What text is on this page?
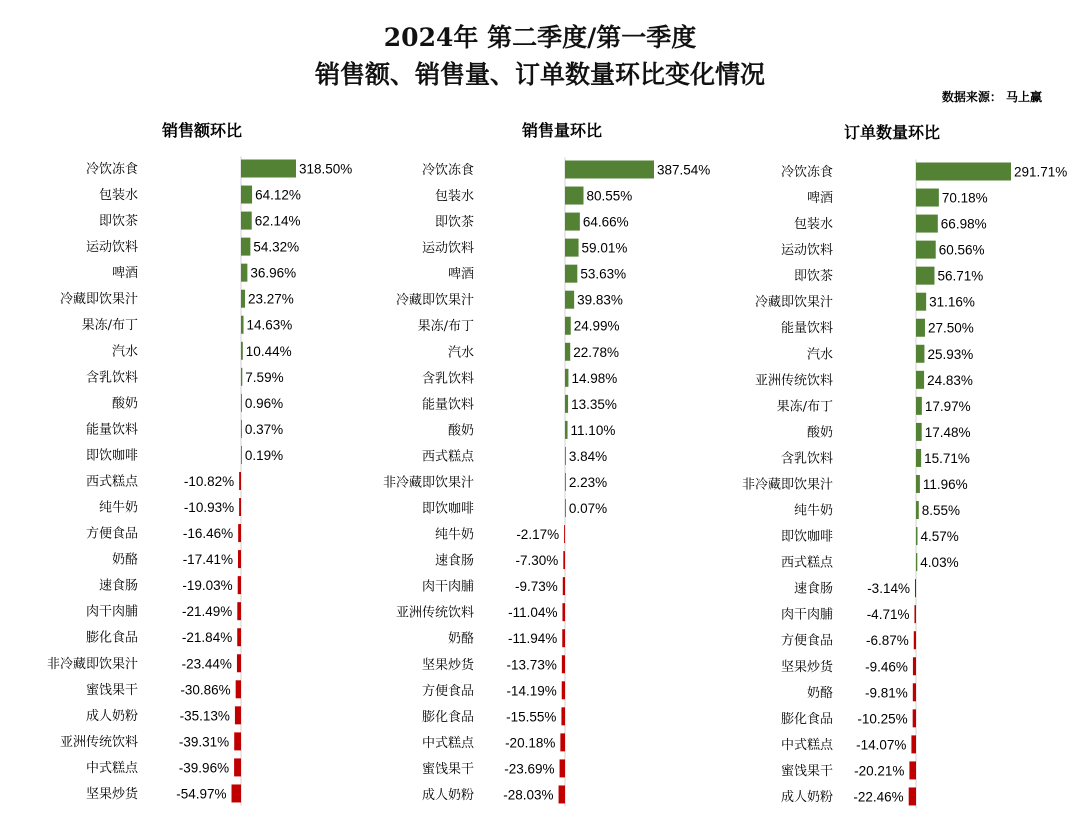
2024年 第二季度/第一季度
销售额、销售量、订单数量环比变化情况
数据来源： 马上赢
销售额环比	销售量环比	订单数量环比
冷饮冻食	318.50%
包装水	64.12%
即饮茶	62.14%
运动饮料	54.32%
啤酒	36.96%
冷藏即饮果汁	23.27%
果冻/布丁	14.63%
汽水	10.44%
含乳饮料	7.59%
酸奶	0.96%
能量饮料	0.37%
即饮咖啡	0.19%
西式糕点	-10.82%
纯牛奶	-10.93%
方便食品	-16.46%
奶酪	-17.41%
速食肠	-19.03%
肉干肉脯	-21.49%
膨化食品	-21.84%
非冷藏即饮果汁	-23.44%
蜜饯果干	-30.86%
成人奶粉	-35.13%
亚洲传统饮料	-39.31%
中式糕点	-39.96%
坚果炒货	-54.97%
冷饮冻食	387.54%
包装水	80.55%
即饮茶	64.66%
运动饮料	59.01%
啤酒	53.63%
冷藏即饮果汁	39.83%
果冻/布丁	24.99%
汽水	22.78%
含乳饮料	14.98%
能量饮料	13.35%
酸奶	11.10%
西式糕点	3.84%
非冷藏即饮果汁	2.23%
即饮咖啡	0.07%
纯牛奶	-2.17%
速食肠	-7.30%
肉干肉脯	-9.73%
亚洲传统饮料	-11.04%
奶酪	-11.94%
坚果炒货 -13.73%
方便食品 -14.19%
膨化食品 -15.55%
中式糕点 -20.18%
蜜饯果干 -23.69%
成人奶粉 -28.03%
冷饮冻食	291.71%
啤酒	70.18%
包装水	66.98%
运动饮料	60.56%
即饮茶	56.71%
冷藏即饮果汁	31.16%
能量饮料	27.50%
汽水	25.93%
亚洲传统饮料	24.83%
果冻/布丁	17.97%
酸奶	17.48%
含乳饮料	15.71%
非冷藏即饮果汁	11.96%
纯牛奶	8.55%
即饮咖啡	4.57%
西式糕点	4.03%
速食肠	-3.14%
肉干肉脯 -4.71%
方便食品 -6.87%
坚果炒货 -9.46%
奶酪 -9.81%
膨化食品 -10.25%
中式糕点 -14.07%
蜜饯果干 -20.21%
成人奶粉 -22.46%
